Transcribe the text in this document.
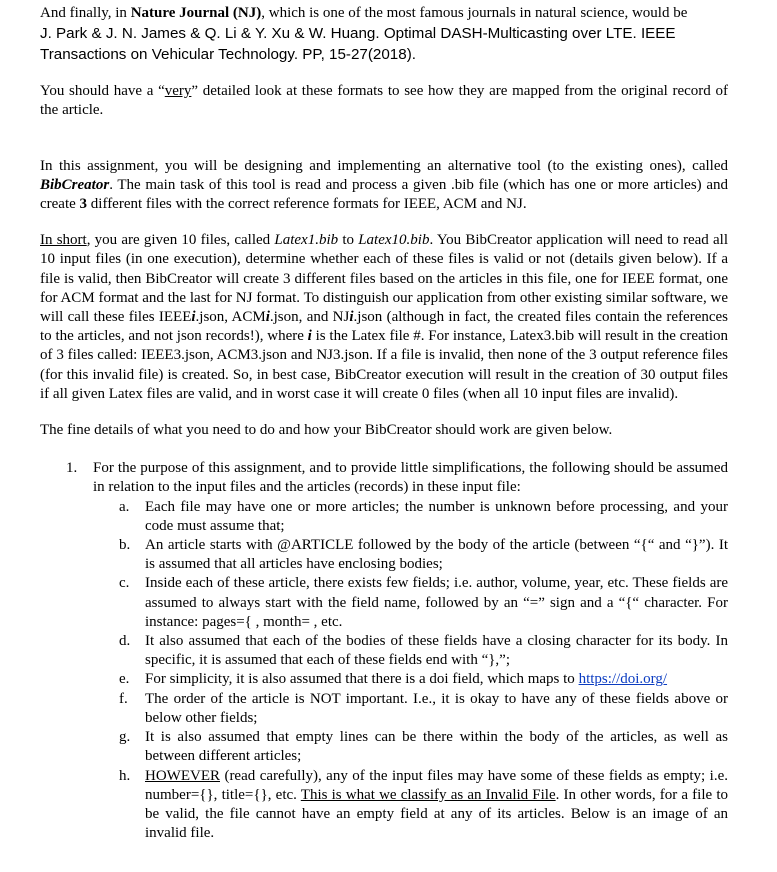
And finally, in Nature Journal (NJ), which is one of the most famous journals in natural science, would be

J. Park & J. N. James & Q. Li & Y. Xu & W. Huang. Optimal DASH-Multicasting over LTE. IEEE Transactions on Vehicular Technology. PP, 15-27(2018).

You should have a “very” detailed look at these formats to see how they are mapped from the original record of the article.

In this assignment, you will be designing and implementing an alternative tool (to the existing ones), called BibCreator. The main task of this tool is read and process a given .bib file (which has one or more articles) and create 3 different files with the correct reference formats for IEEE, ACM and NJ.

In short, you are given 10 files, called Latex1.bib to Latex10.bib. You BibCreator application will need to read all 10 input files (in one execution), determine whether each of these files is valid or not (details given below). If a file is valid, then BibCreator will create 3 different files based on the articles in this file, one for IEEE format, one for ACM format and the last for NJ format. To distinguish our application from other existing similar software, we will call these files IEEEi.json, ACMi.json, and NJi.json (although in fact, the created files contain the references to the articles, and not json records!), where i is the Latex file #. For instance, Latex3.bib will result in the creation of 3 files called: IEEE3.json, ACM3.json and NJ3.json. If a file is invalid, then none of the 3 output reference files (for this invalid file) is created. So, in best case, BibCreator execution will result in the creation of 30 output files if all given Latex files are valid, and in worst case it will create 0 files (when all 10 input files are invalid).

The fine details of what you need to do and how your BibCreator should work are given below.

1. For the purpose of this assignment, and to provide little simplifications, the following should be assumed in relation to the input files and the articles (records) in these input file:

a. Each file may have one or more articles; the number is unknown before processing, and your code must assume that;
b. An article starts with @ARTICLE followed by the body of the article (between “{“ and “}”). It is assumed that all articles have enclosing bodies;
c. Inside each of these article, there exists few fields; i.e. author, volume, year, etc. These fields are assumed to always start with the field name, followed by an “=” sign and a “{“ character. For instance: pages={ , month= , etc.
d. It also assumed that each of the bodies of these fields have a closing character for its body. In specific, it is assumed that each of these fields end with “},”;
e. For simplicity, it is also assumed that there is a doi field, which maps to https://doi.org/
f. The order of the article is NOT important. I.e., it is okay to have any of these fields above or below other fields;
g. It is also assumed that empty lines can be there within the body of the articles, as well as between different articles;
h. HOWEVER (read carefully), any of the input files may have some of these fields as empty; i.e. number={}, title={}, etc. This is what we classify as an Invalid File. In other words, for a file to be valid, the file cannot have an empty field at any of its articles. Below is an image of an invalid file.
